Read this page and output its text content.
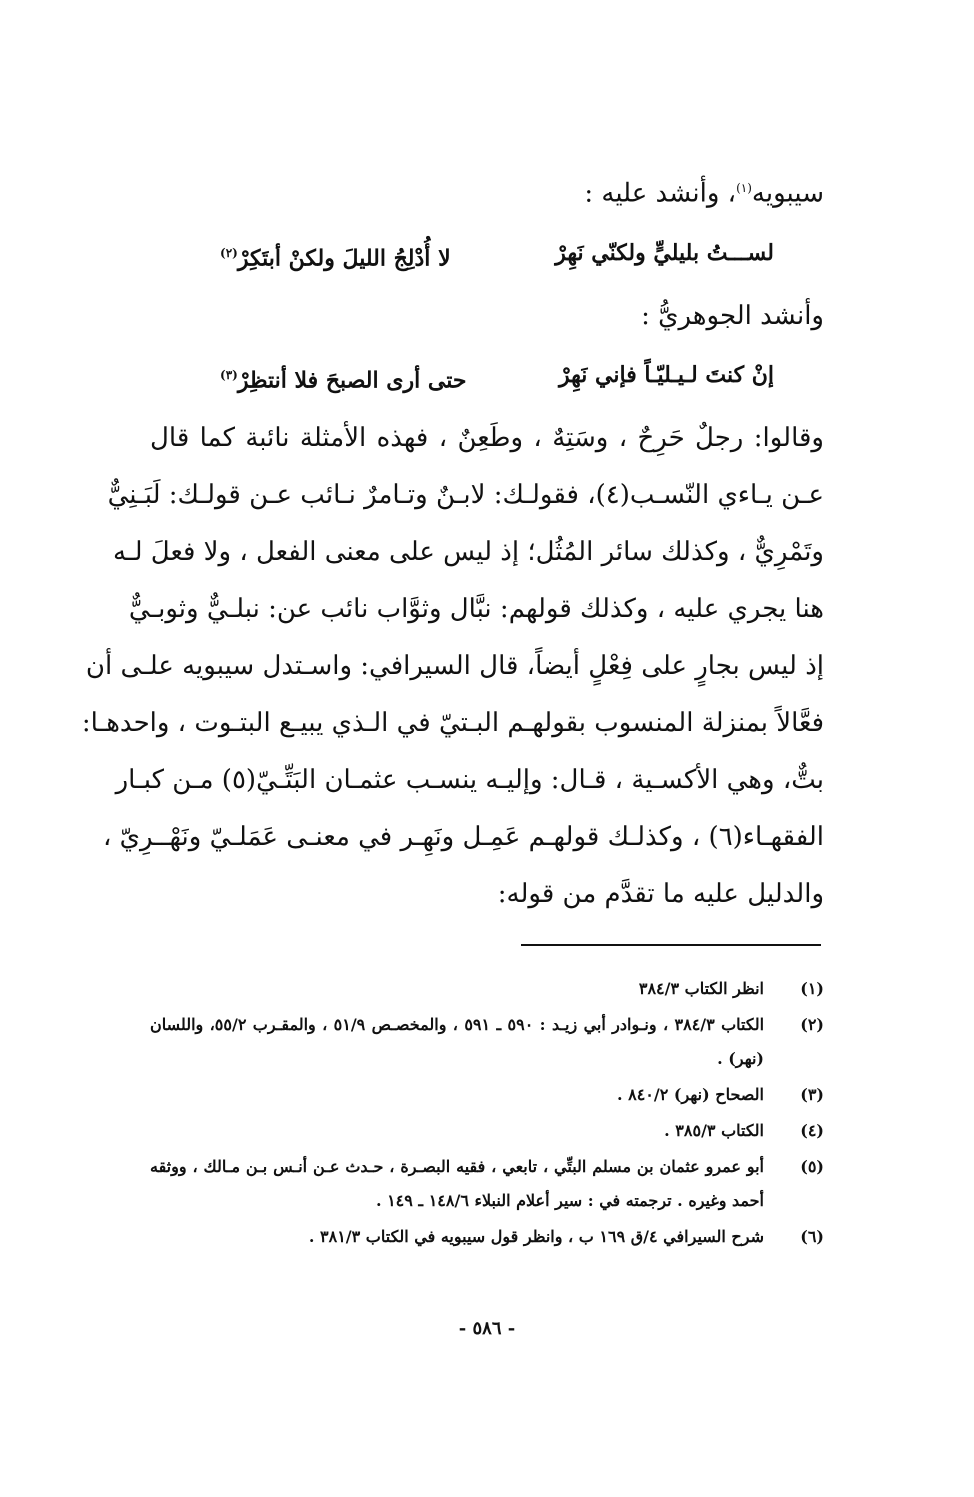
سيبويه$^{(١)}$، وأنشد عليه :
لســـتُ بليليٍّ ولكنّي نَهِرْ
لا أُدْلِجُ الليلَ ولكنْ أبتَكِرْ$^{(٢)}$
وأنشد الجوهريُّ :
إنْ كنتَ لـيـليّـاً فإني نَهِرْ
حتى أرى الصبحَ فلا أنتظِرْ$^{(٣)}$
وقالوا: رجلٌ حَرِحٌ ، وسَتِهٌ ، وطَعِنٌ ، فهذه الأمثلة نائبة كما قال
عـن يـاءي النّسـب(٤)، فقولـك: لابـنٌ وتـامرٌ نـائب عـن قولـك: لَبَـنِيٌّ
وتَمْرِيٌّ ، وكذلك سائر المُثُل؛ إذ ليس على معنى الفعل ، ولا فعلَ لـه
هنا يجري عليه ، وكذلك قولهم: نبَّال وثوَّاب نائب عن: نبلـيٌّ وثوبـيٌّ
إذ ليس بجارٍ على فِعْلٍ أيضاً، قال السيرافي: واسـتدل سيبويه علـى أن
فعَّالاً بمنزلة المنسوب بقولهـم البـتيّ في الـذي يبيـع البتـوت ، واحدهـا:
بتٌّ، وهي الأكسـية ، قـال: وإليـه ينسـب عثمـان البَتِّـيّ(٥) مـن كبـار
الفقهـاء(٦) ، وكذلـك قولهـم عَمِـل ونَهِـر في معنـى عَمَلـيّ ونَهْــرِيّ ،
والدليل عليه ما تقدَّم من قوله:
(١)
انظر الكتاب ٣٨٤/٣
(٢)
الكتاب ٣٨٤/٣ ، ونـوادر أبي زيـد : ٥٩٠ ـ ٥٩١ ، والمخصـص ٥١/٩ ، والمقـرب ٥٥/٢، واللسان (نهر) .
(٣)
الصحاح (نهر) ٨٤٠/٢ .
(٤)
الكتاب ٣٨٥/٣ .
(٥)
أبو عمرو عثمان بن مسلم البتِّي ، تابعي ، فقيه البصـرة ، حـدث عـن أنـس بـن مـالك ، ووثقه أحمد وغيره . ترجمته في : سير أعلام النبلاء ١٤٨/٦ ـ ١٤٩ .
(٦)
شرح السيرافي ٤/ق ١٦٩ ب ، وانظر قول سيبويه في الكتاب ٣٨١/٣ .
- ٥٨٦ -
